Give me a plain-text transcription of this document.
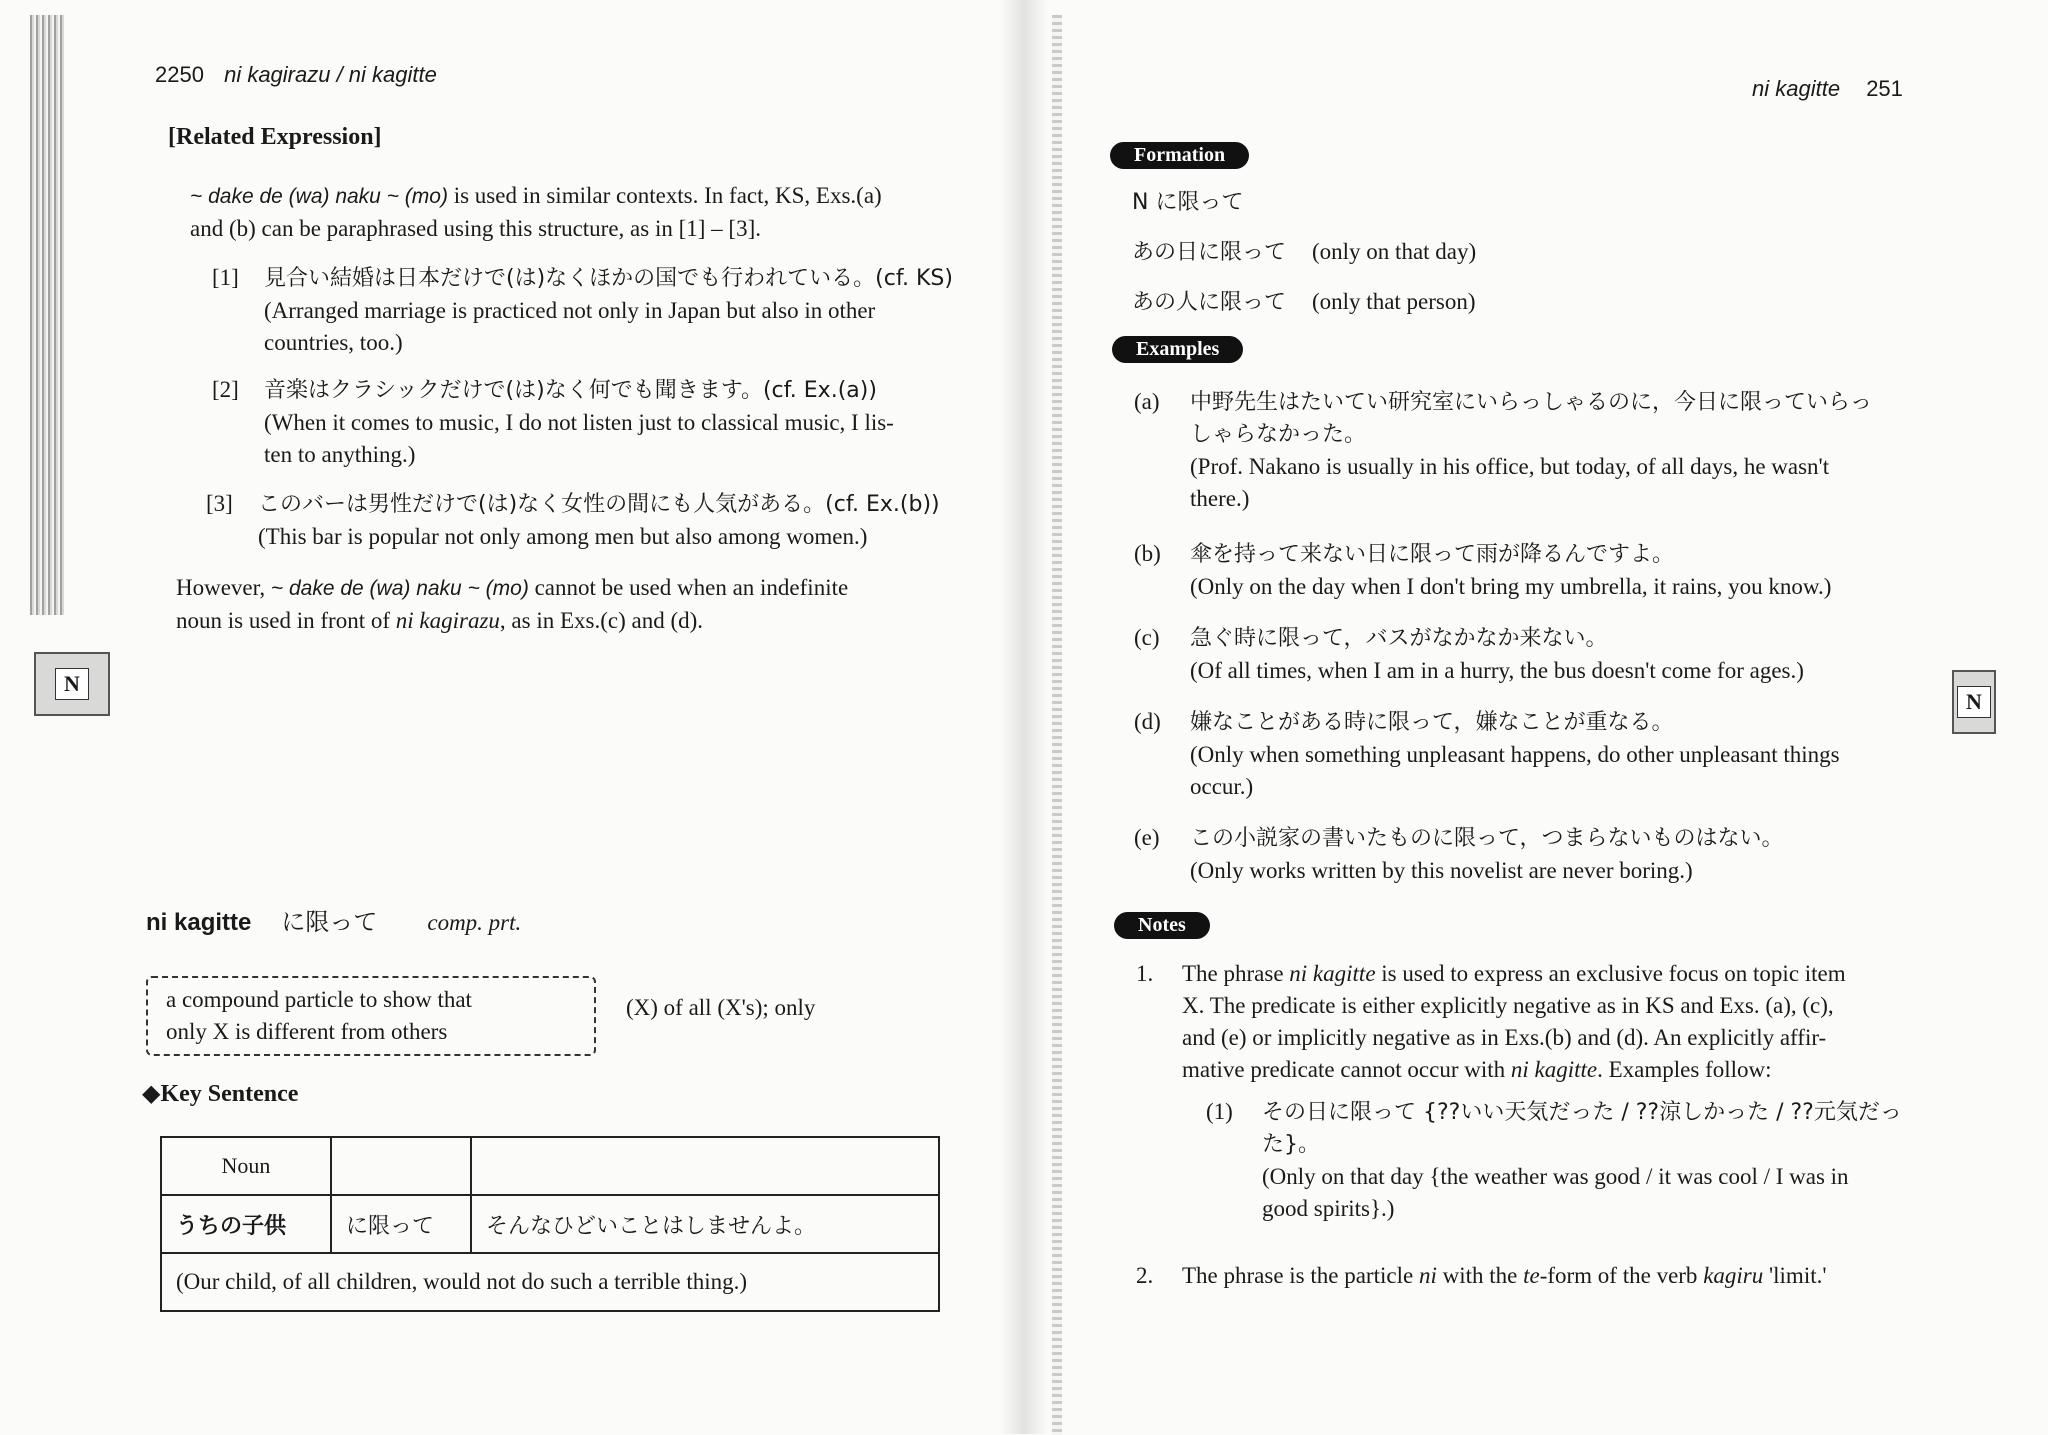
2250 ni kagirazu / ni kagitte
[Related Expression]
~ dake de (wa) naku ~ (mo) is used in similar contexts. In fact, KS, Exs.(a)
and (b) can be paraphrased using this structure, as in [1] – [3].
[1] 見合い結婚は日本だけで(は)なくほかの国でも行われている。(cf. KS)
(Arranged marriage is practiced not only in Japan but also in other
countries, too.)
[2] 音楽はクラシックだけで(は)なく何でも聞きます。(cf. Ex.(a))
(When it comes to music, I do not listen just to classical music, I lis-
ten to anything.)
[3] このバーは男性だけで(は)なく女性の間にも人気がある。(cf. Ex.(b))
(This bar is popular not only among men but also among women.)
However, ~ dake de (wa) naku ~ (mo) cannot be used when an indefinite
noun is used in front of ni kagirazu, as in Exs.(c) and (d).
N
ni kagitte に限って comp. prt.
a compound particle to show that
only X is different from others
(X) of all (X's); only
◆Key Sentence
Noun		
うちの子供	に限って	そんなひどいことはしませんよ。
(Our child, of all children, would not do such a terrible thing.)		
ni kagitte 251
Formation
N に限って
あの日に限って (only on that day)
あの人に限って (only that person)
Examples
(a) 中野先生はたいてい研究室にいらっしゃるのに，今日に限っていらっ
しゃらなかった。
(Prof. Nakano is usually in his office, but today, of all days, he wasn't
there.)
(b) 傘を持って来ない日に限って雨が降るんですよ。
(Only on the day when I don't bring my umbrella, it rains, you know.)
(c) 急ぐ時に限って，バスがなかなか来ない。
(Of all times, when I am in a hurry, the bus doesn't come for ages.)
(d) 嫌なことがある時に限って，嫌なことが重なる。
(Only when something unpleasant happens, do other unpleasant things
occur.)
(e) この小説家の書いたものに限って，つまらないものはない。
(Only works written by this novelist are never boring.)
Notes
1. The phrase ni kagitte is used to express an exclusive focus on topic item
X. The predicate is either explicitly negative as in KS and Exs. (a), (c),
and (e) or implicitly negative as in Exs.(b) and (d). An explicitly affir-
mative predicate cannot occur with ni kagitte. Examples follow:
(1) その日に限って {??いい天気だった / ??涼しかった / ??元気だっ
た}。
(Only on that day {the weather was good / it was cool / I was in
good spirits}.)
2. The phrase is the particle ni with the te-form of the verb kagiru 'limit.'
N
